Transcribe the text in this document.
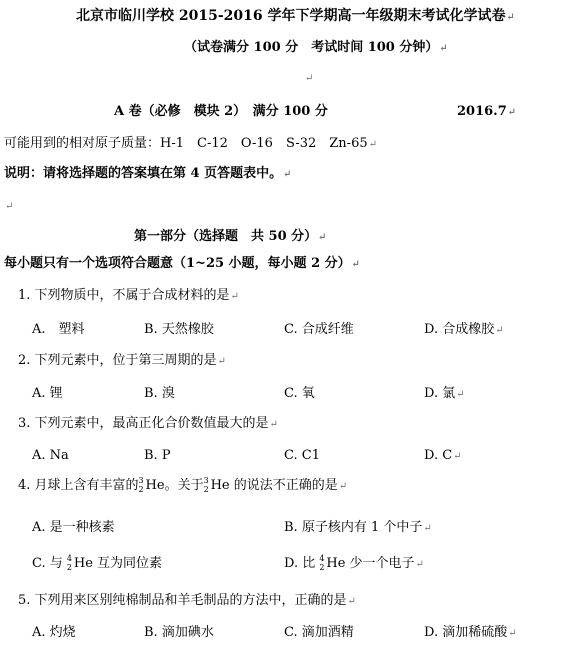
北京市临川学校 2015-2016 学年下学期高一年级期末考试化学试卷↵
（试卷满分 100 分　考试时间 100 分钟）↵
↵
A 卷（必修　模块 2）　满分 100 分	2016.7↵
可能用到的相对原子质量：H-1　C-12　O-16　S-32　Zn-65↵
说明：请将选择题的答案填在第 4 页答题表中。↵
↵
第一部分（选择题　共 50 分）↵
每小题只有一个选项符合题意（1~25 小题，每小题 2 分）↵
1. 下列物质中，不属于合成材料的是↵
A.　塑料	B. 天然橡胶	C. 合成纤维	D. 合成橡胶↵
2. 下列元素中，位于第三周期的是↵
A. 锂	B. 溴	C. 氧	D. 氯↵
3. 下列元素中，最高正化合价数值最大的是↵
A. Na	B. P	C. C1	D. C↵
4. 月球上含有丰富的 3
2 He。关于 3
2 He 的说法不正确的是↵
A. 是一种核素	B. 原子核内有 1 个中子↵
C. 与 4
2 He 互为同位素	D. 比 4
2 He 少一个电子↵
5. 下列用来区别纯棉制品和羊毛制品的方法中，正确的是↵
A. 灼烧	B. 滴加碘水	C. 滴加酒精	D. 滴加稀硫酸↵
